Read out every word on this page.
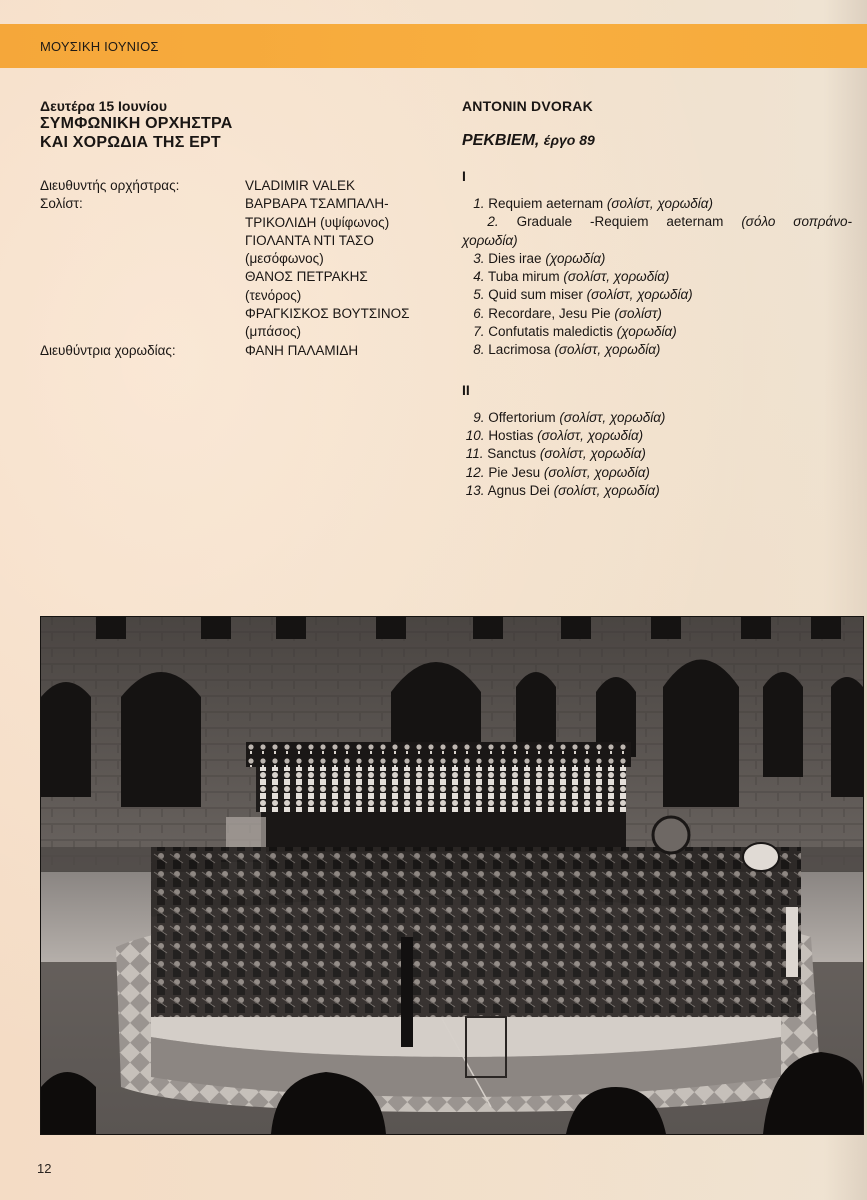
ΜΟΥΣΙΚΗ ΙΟΥΝΙΟΣ
Δευτέρα 15 Ιουνίου
ΣΥΜΦΩΝΙΚΗ ΟΡΧΗΣΤΡΑ
ΚΑΙ ΧΟΡΩΔΙΑ ΤΗΣ ΕΡΤ
Διευθυντής ορχήστρας:	VLADIMIR VALEK
Σολίστ:	ΒΑΡΒΑΡΑ ΤΣΑΜΠΑΛΗ-
ΤΡΙΚΟΛΙΔΗ (υψίφωνος)
ΓΙΟΛΑΝΤΑ ΝΤΙ ΤΑΣΟ
(μεσόφωνος)
ΘΑΝΟΣ ΠΕΤΡΑΚΗΣ
(τενόρος)
ΦΡΑΓΚΙΣΚΟΣ ΒΟΥΤΣΙΝΟΣ
(μπάσος)
Διευθύντρια χορωδίας:	ΦΑΝΗ ΠΑΛΑΜΙΔΗ
ANTONIN DVORAK
ΡΕΚΒΙΕΜ, έργο 89
I
 1. Requiem aeternam (σολίστ, χορωδία)
 2. Graduale -Requiem aeternam (σόλο σοπράνο-χορωδία)
 3. Dies irae (χορωδία)
 4. Tuba mirum (σολίστ, χορωδία)
 5. Quid sum miser (σολίστ, χορωδία)
 6. Recordare, Jesu Pie (σολίστ)
 7. Confutatis maledictis (χορωδία)
 8. Lacrimosa (σολίστ, χορωδία)
II
 9. Offertorium (σολίστ, χορωδία)
10. Hostias (σολίστ, χορωδία)
11. Sanctus (σολίστ, χορωδία)
12. Pie Jesu (σολίστ, χορωδία)
13. Agnus Dei (σολίστ, χορωδία)
12
